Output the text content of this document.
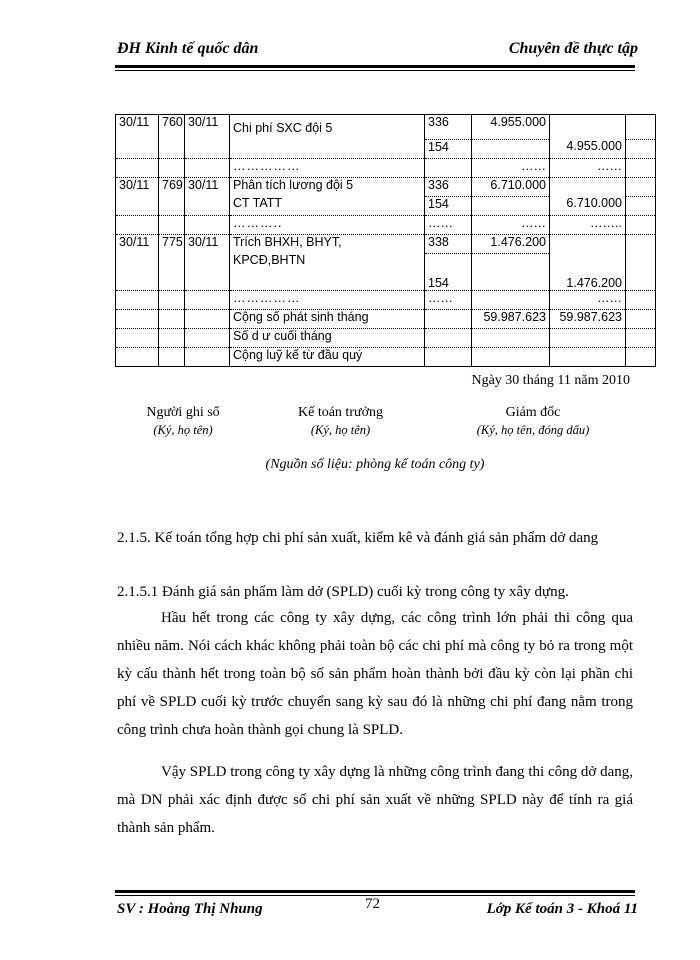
ĐH Kinh tế quốc dân	Chuyên đề thực tập
30/11	760	30/11	Chi phí SXC đội 5	336	4.955.000		
				154		4.955.000	
			……………		……	……	
30/11	769	30/11	Phân tích lương đội 5	336	6.710.000		
			CT TATT	154		6.710.000	
			………..	……	……	……..	
30/11	775	30/11	Trích BHXH, BHYT,	338	1.476.200		
			KPCĐ,BHTN				
				154		1.476.200	
			……………	……		……	
			Cộng số phát sinh tháng		59.987.623	59.987.623	
			Số d ư cuối tháng				
			Cộng luỹ kế từ đầu quý				
Ngày 30 tháng 11 năm 2010
Người ghi sổ
(Ký, họ tên)
Kế toán trưởng
(Ký, họ tên)
Giám đốc
(Ký, họ tên, đóng dấu)
(Nguồn số liệu: phòng kế toán công ty)
2.1.5. Kế toán tổng hợp chi phí sản xuất, kiểm kê và đánh giá sản phẩm dở dang
2.1.5.1 Đánh giá sản phẩm làm dở (SPLD) cuối kỳ trong công ty xây dựng.
Hầu hết trong các công ty xây dựng, các công trình lớn phải thi công qua nhiều năm. Nói cách khác không phải toàn bộ các chi phí mà công ty bỏ ra trong một kỳ cấu thành hết trong toàn bộ số sản phẩm hoàn thành bởi đầu kỳ còn lại phần chi phí về SPLD cuối kỳ trước chuyển sang kỳ sau đó là những chi phí đang nằm trong công trình chưa hoàn thành gọi chung là SPLD.
Vậy SPLD trong công ty xây dựng là những công trình đang thi công dở dang, mà DN phải xác định được số chi phí sản xuất về những SPLD này để tính ra giá thành sản phẩm.
SV : Hoàng Thị Nhung	72	Lớp Kế toán 3 - Khoá 11
